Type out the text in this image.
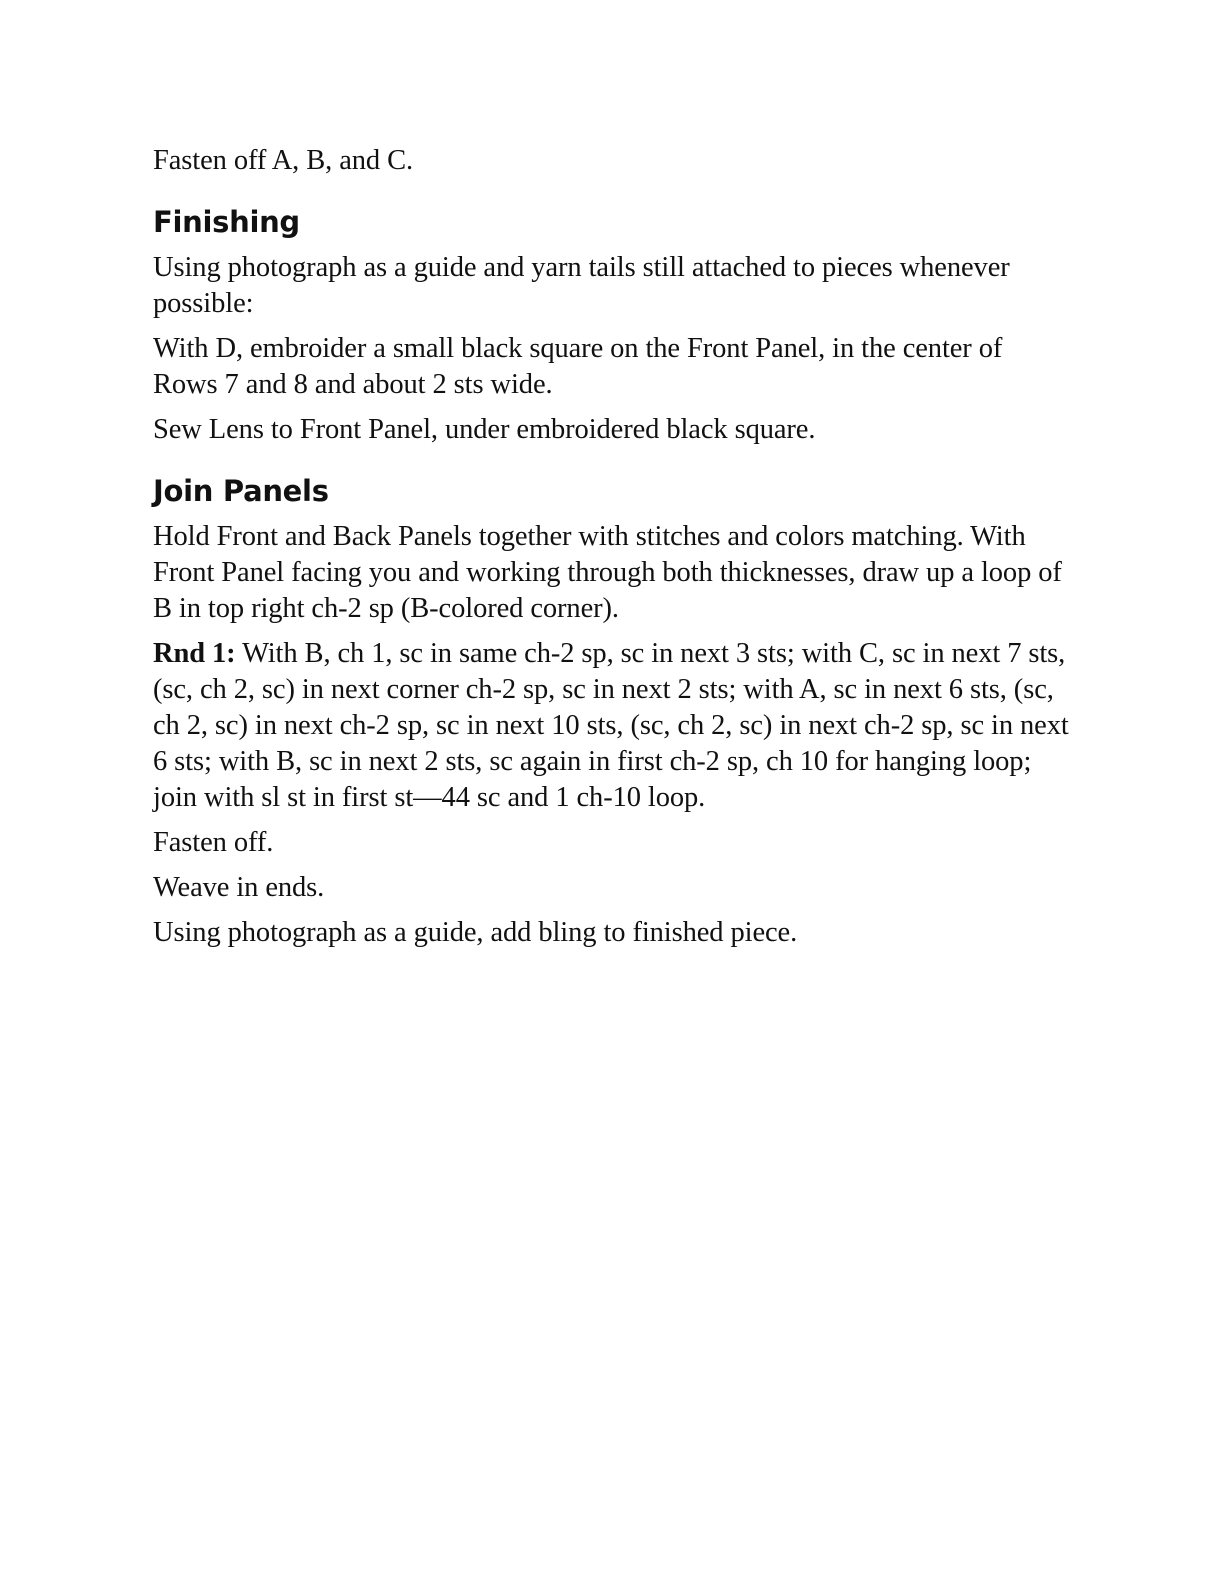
Fasten off A, B, and C.

Finishing

Using photograph as a guide and yarn tails still attached to pieces whenever possible:

With D, embroider a small black square on the Front Panel, in the center of Rows 7 and 8 and about 2 sts wide.

Sew Lens to Front Panel, under embroidered black square.

Join Panels

Hold Front and Back Panels together with stitches and colors matching. With Front Panel facing you and working through both thicknesses, draw up a loop of B in top right ch-2 sp (B-colored corner).

Rnd 1: With B, ch 1, sc in same ch-2 sp, sc in next 3 sts; with C, sc in next 7 sts, (sc, ch 2, sc) in next corner ch-2 sp, sc in next 2 sts; with A, sc in next 6 sts, (sc, ch 2, sc) in next ch-2 sp, sc in next 10 sts, (sc, ch 2, sc) in next ch-2 sp, sc in next 6 sts; with B, sc in next 2 sts, sc again in first ch-2 sp, ch 10 for hanging loop; join with sl st in first st—44 sc and 1 ch-10 loop.

Fasten off.

Weave in ends.

Using photograph as a guide, add bling to finished piece.
